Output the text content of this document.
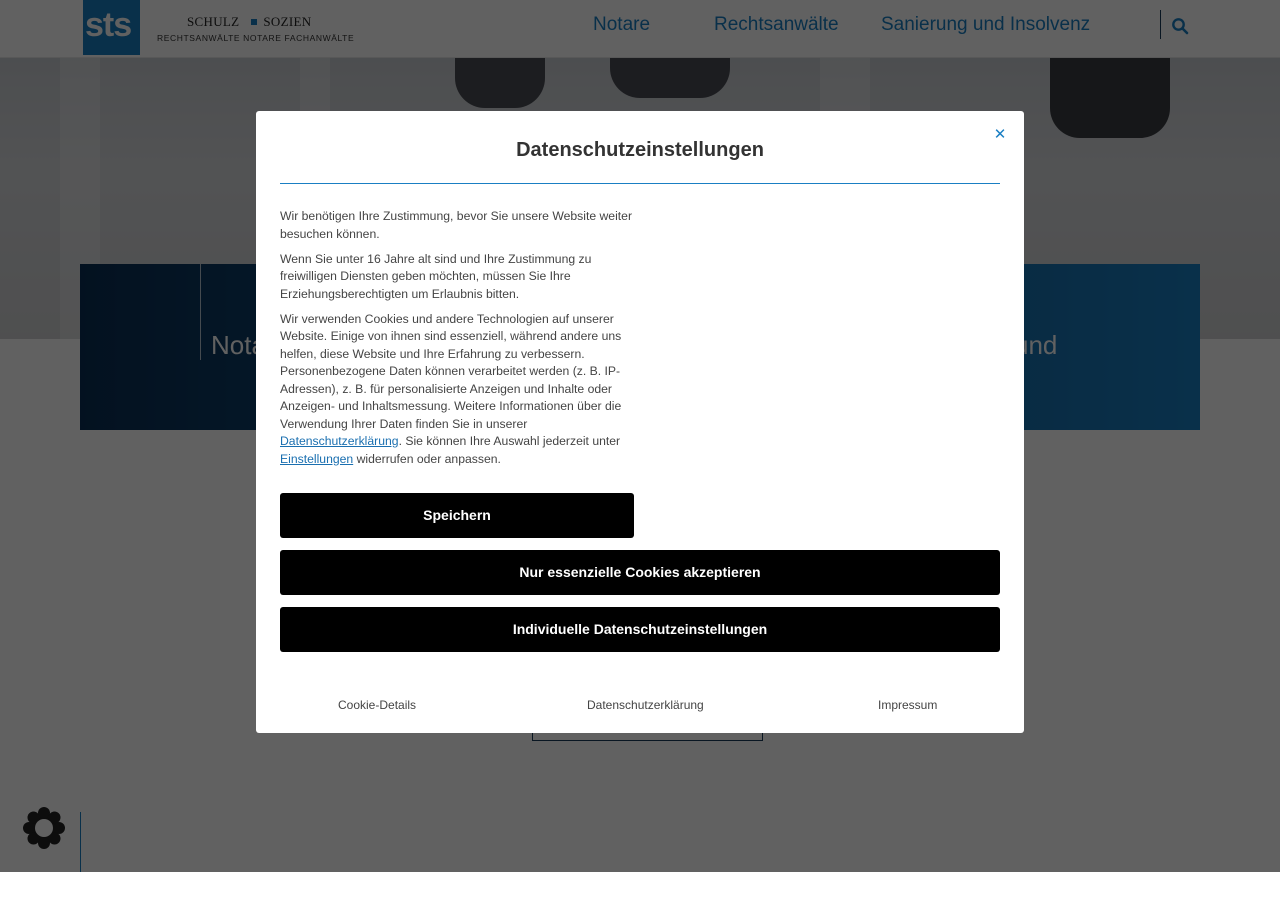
Datenschutzeinstellungen
✕

Wir benötigen Ihre Zustimmung, bevor Sie unsere Website weiter besuchen können.

Wenn Sie unter 16 Jahre alt sind und Ihre Zustimmung zu freiwilligen Diensten geben möchten, müssen Sie Ihre Erziehungsberechtigten um Erlaubnis bitten.

Wir verwenden Cookies und andere Technologien auf unserer Website. Einige von ihnen sind essenziell, während andere uns helfen, diese Website und Ihre Erfahrung zu verbessern. Personenbezogene Daten können verarbeitet werden (z. B. IP-Adressen), z. B. für personalisierte Anzeigen und Inhalte oder Anzeigen- und Inhaltsmessung. Weitere Informationen über die Verwendung Ihrer Daten finden Sie in unserer Datenschutzerklärung. Sie können Ihre Auswahl jederzeit unter Einstellungen widerrufen oder anpassen.

Speichern
Nur essenzielle Cookies akzeptieren
Individuelle Datenschutzeinstellungen
Cookie-Details	Datenschutzerklärung	Impressum
